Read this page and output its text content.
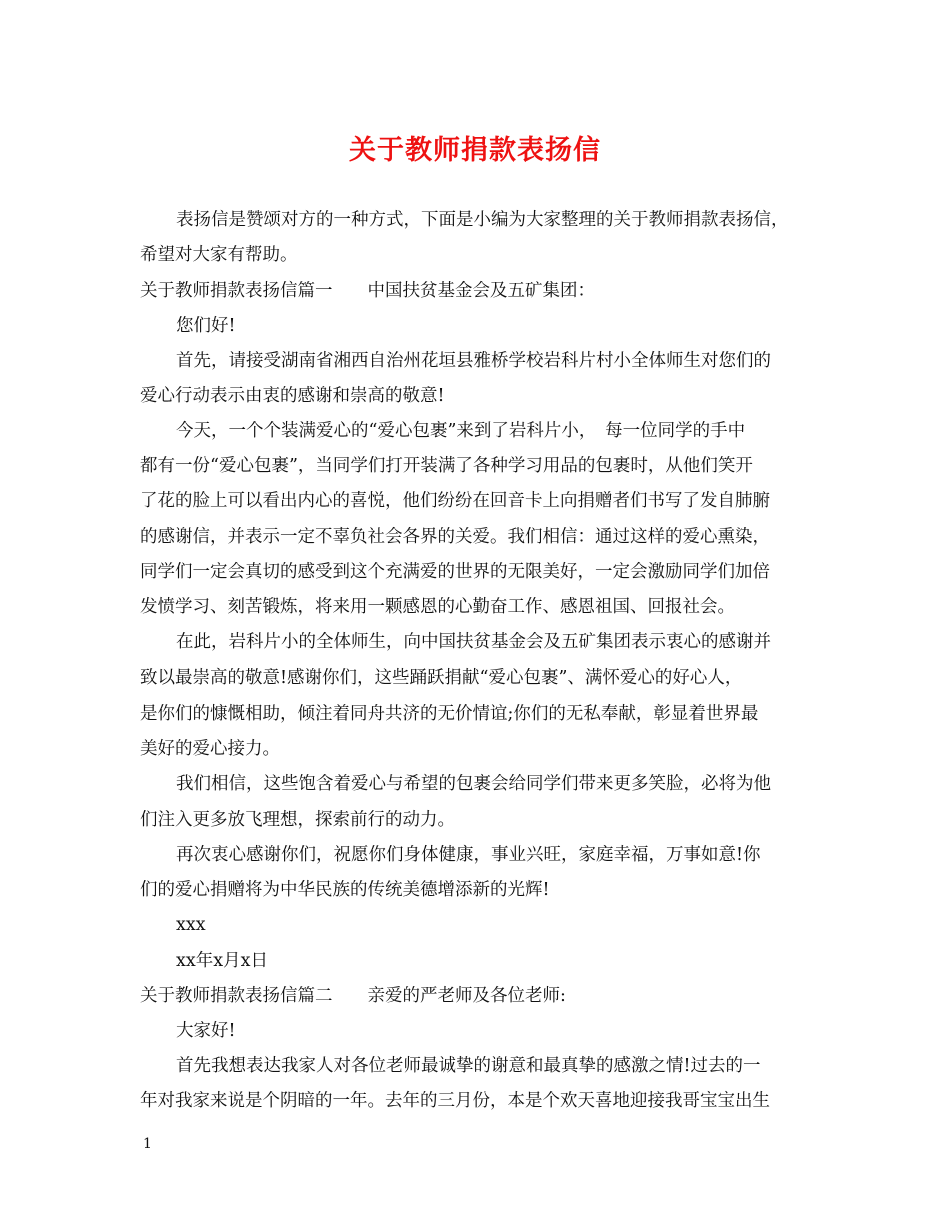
关于教师捐款表扬信
表扬信是赞颂对方的一种方式，下面是小编为大家整理的关于教师捐款表扬信，
希望对大家有帮助。
关于教师捐款表扬信篇一　　中国扶贫基金会及五矿集团：
您们好!
首先，请接受湖南省湘西自治州花垣县雅桥学校岩科片村小全体师生对您们的
爱心行动表示由衷的感谢和崇高的敬意!
今天，一个个装满爱心的“爱心包裹”来到了岩科片小，　每一位同学的手中
都有一份“爱心包裹”，当同学们打开装满了各种学习用品的包裹时，从他们笑开
了花的脸上可以看出内心的喜悦，他们纷纷在回音卡上向捐赠者们书写了发自肺腑
的感谢信，并表示一定不辜负社会各界的关爱。我们相信：通过这样的爱心熏染，
同学们一定会真切的感受到这个充满爱的世界的无限美好，一定会激励同学们加倍
发愤学习、刻苦锻炼，将来用一颗感恩的心勤奋工作、感恩祖国、回报社会。
在此，岩科片小的全体师生，向中国扶贫基金会及五矿集团表示衷心的感谢并
致以最崇高的敬意!感谢你们，这些踊跃捐献“爱心包裹”、满怀爱心的好心人，
是你们的慷慨相助，倾注着同舟共济的无价情谊;你们的无私奉献，彰显着世界最
美好的爱心接力。
我们相信，这些饱含着爱心与希望的包裹会给同学们带来更多笑脸，必将为他
们注入更多放飞理想，探索前行的动力。
再次衷心感谢你们，祝愿你们身体健康，事业兴旺，家庭幸福，万事如意!你
们的爱心捐赠将为中华民族的传统美德增添新的光辉!
xxx
xx年x月x日
关于教师捐款表扬信篇二　　亲爱的严老师及各位老师:
大家好!
首先我想表达我家人对各位老师最诚挚的谢意和最真挚的感激之情!过去的一
年对我家来说是个阴暗的一年。去年的三月份，本是个欢天喜地迎接我哥宝宝出生
1
